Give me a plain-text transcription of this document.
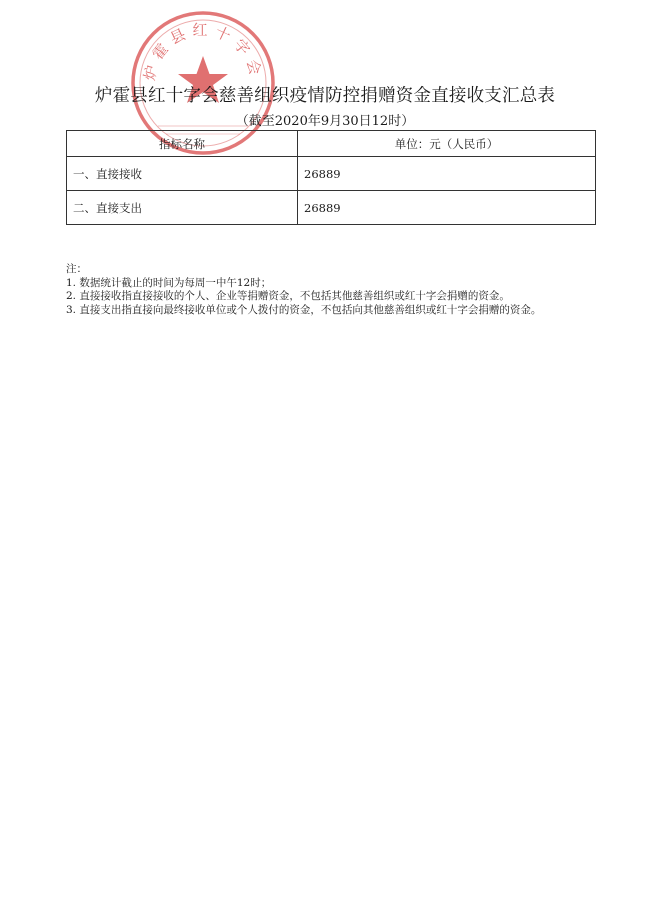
炉霍县红十字会
炉霍县红十字会慈善组织疫情防控捐赠资金直接收支汇总表
（截至2020年9月30日12时）
指标名称	单位：元（人民币）
一、直接接收	26889
二、直接支出	26889
注：
1. 数据统计截止的时间为每周一中午12时；
2. 直接接收指直接接收的个人、企业等捐赠资金，不包括其他慈善组织或红十字会捐赠的资金。
3. 直接支出指直接向最终接收单位或个人拨付的资金，不包括向其他慈善组织或红十字会捐赠的资金。
